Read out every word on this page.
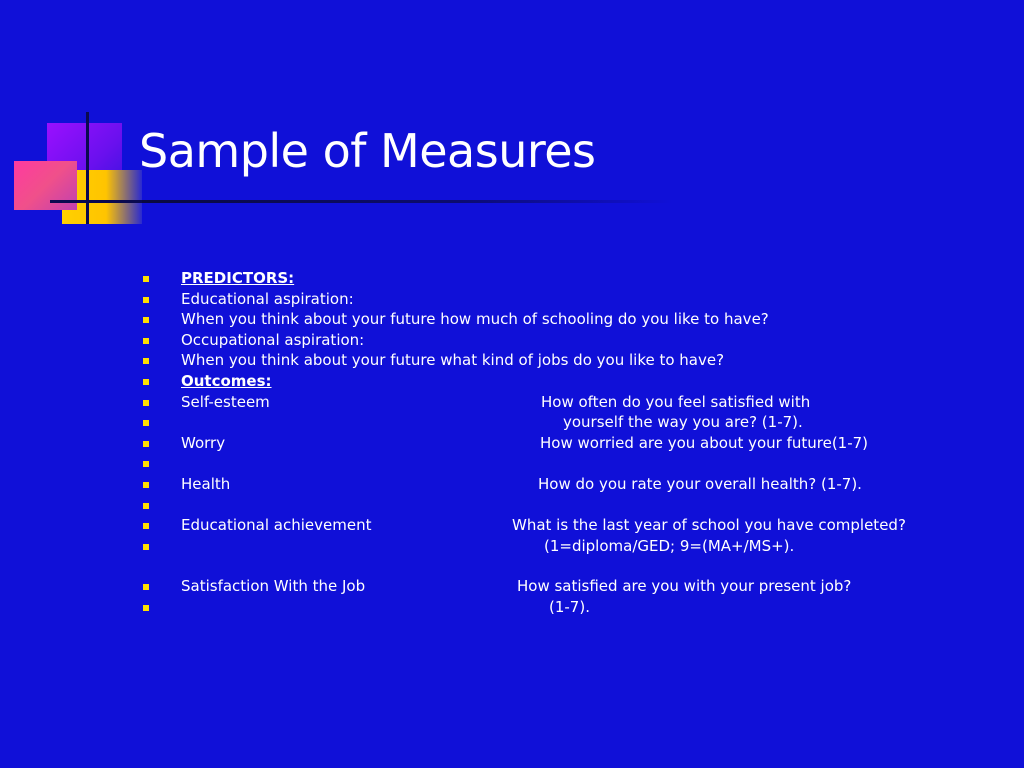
Sample of Measures
PREDICTORS:
Educational aspiration:
When you think about your future how much of schooling do you like to have?
Occupational aspiration:
When you think about your future what kind of jobs do you like to have?
Outcomes:
Self-esteem	How often do you feel satisfied with
yourself the way you are? (1-7).
Worry	How worried are you about your future(1-7)
Health	How do you rate your overall health? (1-7).
Educational achievement	What is the last year of school you have completed?
(1=diploma/GED; 9=(MA+/MS+).
Satisfaction With the Job	How satisfied are you with your present job?
(1-7).
